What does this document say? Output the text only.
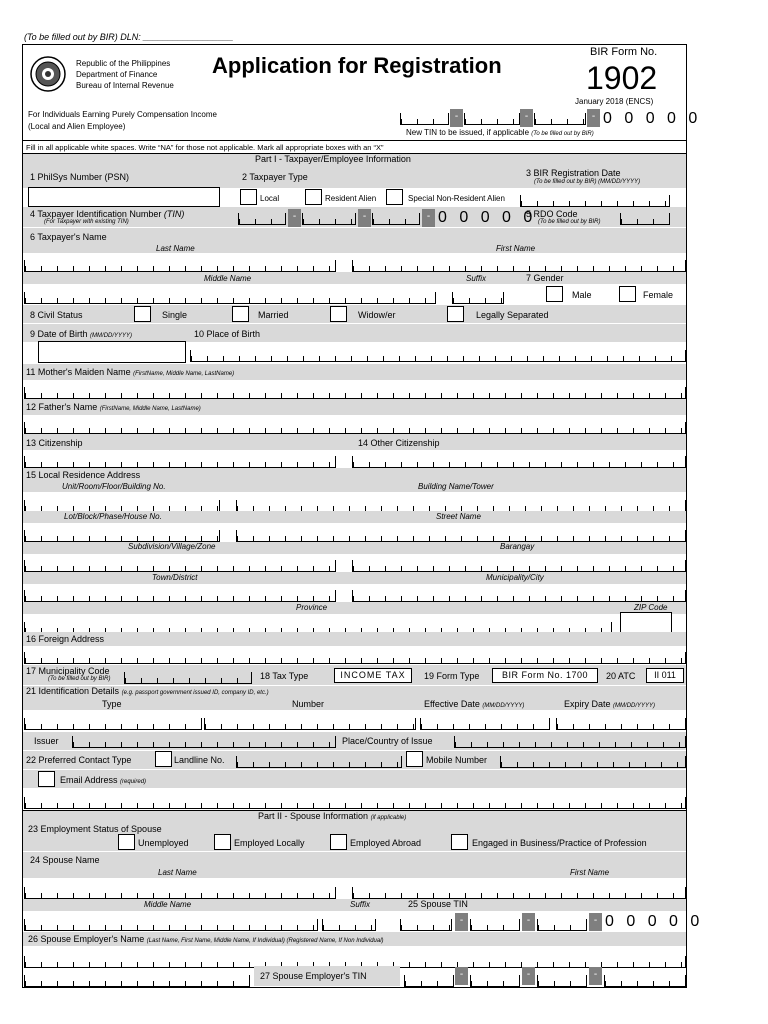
(To be filled out by BIR) DLN: __________________
Republic of the Philippines
Department of Finance
Bureau of Internal Revenue
Application for Registration
BIR Form No.
1902
January 2018 (ENCS)
For Individuals Earning Purely Compensation Income
(Local and Alien Employee)
-	-	- 0 0 0 0 0
New TIN to be issued, if applicable (To be filled out by BIR)
Fill in all applicable white spaces. Write “NA” for those not applicable. Mark all appropriate boxes with an “X”
Part I - Taxpayer/Employee Information
1 PhilSys Number (PSN)	2 Taxpayer Type
Local	Resident Alien	Special Non-Resident Alien
3 BIR Registration Date
(To be filled out by BIR) (MM/DD/YYYY)
4 Taxpayer Identification Number (TIN)
(For Taxpayer with existing TIN)	-	-	- 0 0 0 0 0
5 RDO Code
(To be filled out by BIR)
6 Taxpayer's Name
Last Name	First Name
Middle Name	Suffix	7 Gender
Male	Female
8 Civil Status	Single	Married	Widow/er	Legally Separated
9 Date of Birth (MM/DD/YYYY)	10 Place of Birth
11 Mother's Maiden Name (FirstName, Middle Name, LastName)
12 Father's Name (FirstName, Middle Name, LastName)
13 Citizenship	14 Other Citizenship
15 Local Residence Address
Unit/Room/Floor/Building No.	Building Name/Tower
Lot/Block/Phase/House No.	Street Name
Subdivision/Village/Zone	Barangay
Town/District	Municipality/City
Province	ZIP Code
16 Foreign Address
17 Municipality Code
(To be filled out by BIR)	18 Tax Type	INCOME TAX	19 Form Type	BIR Form No. 1700	20 ATC	II 011
21 Identification Details (e.g. passport government issued ID, company ID, etc.)
Type	Number	Effective Date (MM/DD/YYYY)	Expiry Date (MM/DD/YYYY)
Issuer	Place/Country of Issue
22 Preferred Contact Type	Landline No.	Mobile Number
Email Address (required)
Part II - Spouse Information (if applicable)
23 Employment Status of Spouse
Unemployed	Employed Locally	Employed Abroad	Engaged in Business/Practice of Profession
24 Spouse Name
Last Name	First Name
Middle Name	Suffix	25 Spouse TIN
-	-	- 0 0 0 0 0
26 Spouse Employer's Name (Last Name, First Name, Middle Name, If Individual) (Registered Name, If Non Individual)
27 Spouse Employer's TIN	-	-	-
